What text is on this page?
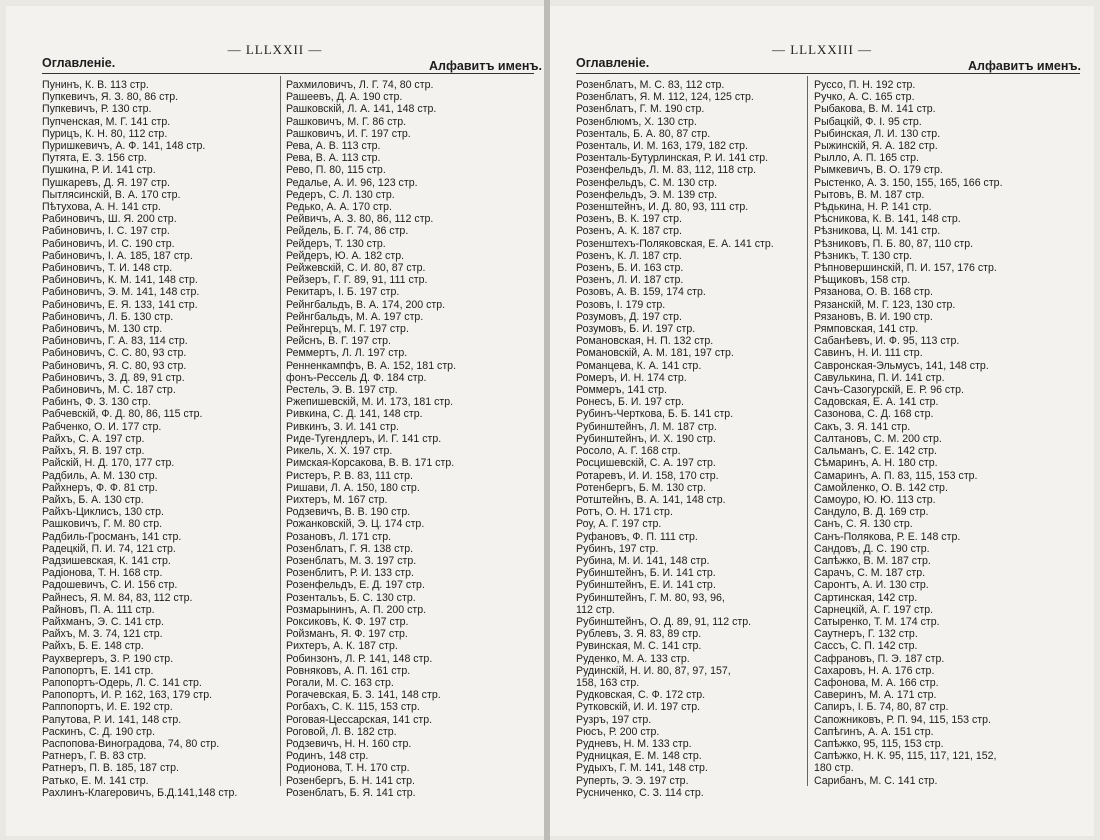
— LLLXXII —
Оглавленіе.	Алфавитъ именъ.
Пунинъ, К. В. 113 стр.
Пупкевичъ, Я. З. 80, 86 стр.
Пупкевичъ, Р. 130 стр.
Пупченская, М. Г. 141 стр.
Пурицъ, К. Н. 80, 112 стр.
Пуришкевичъ, А. Ф. 141, 148 стр.
Путята, Е. З. 156 стр.
Пушкина, Р. И. 141 стр.
Пушкаревъ, Д. Я. 197 стр.
Пытлясинскій, В. А. 170 стр.
Пѣтухова, А. Н. 141 стр.
Рабиновичъ, Ш. Я. 200 стр.
Рабиновичъ, I. С. 197 стр.
Рабиновичъ, И. С. 190 стр.
Рабиновичъ, I. А. 185, 187 стр.
Рабиновичъ, Т. И. 148 стр.
Рабиновичъ, К. М. 141, 148 стр.
Рабиновичъ, Э. М. 141, 148 стр.
Рабиновичъ, Е. Я. 133, 141 стр.
Рабиновичъ, Л. Б. 130 стр.
Рабиновичъ, М. 130 стр.
Рабиновичъ, Г. А. 83, 114 стр.
Рабиновичъ, С. С. 80, 93 стр.
Рабиновичъ, Я. С. 80, 93 стр.
Рабиновичъ, З. Д. 89, 91 стр.
Рабиновичъ, М. С. 187 стр.
Рабинъ, Ф. З. 130 стр.
Рабчевскій, Ф. Д. 80, 86, 115 стр.
Рабченко, О. И. 177 стр.
Райхъ, С. А. 197 стр.
Райхъ, Я. В. 197 стр.
Райскій, Н. Д. 170, 177 стр.
Радбиль, А. М. 130 стр.
Райхнеръ, Ф. Ф. 81 стр.
Райхъ, Б. А. 130 стр.
Райхъ-Циклисъ, 130 стр.
Рашковичъ, Г. М. 80 стр.
Радбиль-Гросманъ, 141 стр.
Радецкій, П. И. 74, 121 стр.
Радзишевская, К. 141 стр.
Радіонова, Т. Н. 168 стр.
Радошевичъ, С. И. 156 стр.
Райнесъ, Я. М. 84, 83, 112 стр.
Райновъ, П. А. 111 стр.
Райхманъ, Э. С. 141 стр.
Райхъ, М. З. 74, 121 стр.
Райхъ, Б. Е. 148 стр.
Раухвергеръ, З. Р. 190 стр.
Рапопортъ, Е. 141 стр.
Рапопортъ-Одерь, Л. С. 141 стр.
Рапопортъ, И. Р. 162, 163, 179 стр.
Раппопортъ, И. Е. 192 стр.
Рапутова, Р. И. 141, 148 стр.
Раскинъ, С. Д. 190 стр.
Распопова-Виноградова, 74, 80 стр.
Ратнеръ, Г. В. 83 стр.
Ратнеръ, П. В. 185, 187 стр.
Ратько, Е. М. 141 стр.
Рахлинъ-Клагеровичъ, Б.Д.141,148 стр.
Рахмиловичъ, Л. Г. 74, 80 стр.
Рашеевъ, Д. А. 190 стр.
Рашковскій, Л. А. 141, 148 стр.
Рашковичъ, М. Г. 86 стр.
Рашковичъ, И. Г. 197 стр.
Рева, А. В. 113 стр.
Рева, В. А. 113 стр.
Рево, П. 80, 115 стр.
Редалье, А. И. 96, 123 стр.
Редеръ, С. Л. 130 стр.
Редько, А. А. 170 стр.
Рейвичъ, А. З. 80, 86, 112 стр.
Рейдель, Б. Г. 74, 86 стр.
Рейдеръ, Т. 130 стр.
Рейдеръ, Ю. А. 182 стр.
Рейжевскій, С. И. 80, 87 стр.
Рейзеръ, Г. Г. 89, 91, 111 стр.
Рекитаръ, I. Б. 197 стр.
Рейнгбальдъ, В. А. 174, 200 стр.
Рейнгбальдъ, М. А. 197 стр.
Рейнгерцъ, М. Г. 197 стр.
Рейснъ, В. Г. 197 стр.
Реммертъ, Л. Л. 197 стр.
Ренненкампфъ, В. А. 152, 181 стр.
фонъ-Рессель Д. Ф. 184 стр.
Рестель, Э. В. 197 стр.
Ржепишевскій, М. И. 173, 181 стр.
Ривкина, С. Д. 141, 148 стр.
Ривкинъ, З. И. 141 стр.
Риде-Тугендлеръ, И. Г. 141 стр.
Рикель, Х. Х. 197 стр.
Римская-Корсакова, В. В. 171 стр.
Ристеръ, Р. В. 83, 111 стр.
Ришави, Л. А. 150, 180 стр.
Рихтеръ, М. 167 стр.
Родзевичъ, В. В. 190 стр.
Рожанковскій, Э. Ц. 174 стр.
Розановъ, Л. 171 стр.
Розенблатъ, Г. Я. 138 стр.
Розенблатъ, М. З. 197 стр.
Розенблитъ, Р. И. 133 стр.
Розенфельдъ, Е. Д. 197 стр.
Розентальъ, Б. С. 130 стр.
Розмарынинъ, А. П. 200 стр.
Роксиковъ, К. Ф. 197 стр.
Ройзманъ, Я. Ф. 197 стр.
Рихтеръ, А. К. 187 стр.
Робинзонъ, Л. Р. 141, 148 стр.
Ровняковъ, А. П. 161 стр.
Рогали, М. С. 163 стр.
Рогачевская, Б. З. 141, 148 стр.
Рогбахъ, С. К. 115, 153 стр.
Роговая-Цессарская, 141 стр.
Роговой, Л. В. 182 стр.
Родзевичъ, Н. Н. 160 стр.
Родинъ, 148 стр.
Родионова, Т. Н. 170 стр.
Розенбергъ, Б. Н. 141 стр.
Розенблатъ, Б. Я. 141 стр.
— LLLXXIII —
Оглавленіе.	Алфавитъ именъ.
Розенблатъ, М. С. 83, 112 стр.
Розенблатъ, Я. М. 112, 124, 125 стр.
Розенблатъ, Г. М. 190 стр.
Розенблюмъ, Х. 130 стр.
Розенталь, Б. А. 80, 87 стр.
Розенталь, И. М. 163, 179, 182 стр.
Розенталь-Бутурлинская, Р. И. 141 стр.
Розенфельдъ, Л. М. 83, 112, 118 стр.
Розенфельдъ, С. М. 130 стр.
Розенфельдъ, Э. М. 139 стр.
Розенштейнъ, И. Д. 80, 93, 111 стр.
Розенъ, В. К. 197 стр.
Розенъ, А. К. 187 стр.
Розенштехъ-Поляковская, Е. А. 141 стр.
Розенъ, К. Л. 187 стр.
Розенъ, Б. И. 163 стр.
Розенъ, Л. И. 187 стр.
Розовъ, А. В. 159, 174 стр.
Розовъ, I. 179 стр.
Розумовъ, Д. 197 стр.
Розумовъ, Б. И. 197 стр.
Романовская, Н. П. 132 стр.
Романовскій, А. М. 181, 197 стр.
Романцева, К. А. 141 стр.
Ромеръ, И. Н. 174 стр.
Роммеръ, 141 стр.
Ронесъ, Б. И. 197 стр.
Рубинъ-Черткова, Б. Б. 141 стр.
Рубинштейнъ, Л. М. 187 стр.
Рубинштейнъ, И. Х. 190 стр.
Росоло, А. Г. 168 стр.
Росцишевскій, С. А. 197 стр.
Ротаревъ, И. И. 158, 170 стр.
Ротенбергъ, Б. М. 130 стр.
Ротштейнъ, В. А. 141, 148 стр.
Ротъ, О. Н. 171 стр.
Роу, А. Г. 197 стр.
Руфановъ, Ф. П. 111 стр.
Рубинъ, 197 стр.
Рубина, М. И. 141, 148 стр.
Рубинштейнъ, Б. И. 141 стр.
Рубинштейнъ, Е. И. 141 стр.
Рубинштейнъ, Г. М. 80, 93, 96,
112 стр.
Рубинштейнъ, О. Д. 89, 91, 112 стр.
Рублевъ, З. Я. 83, 89 стр.
Рувинская, М. С. 141 стр.
Руденко, М. А. 133 стр.
Рудинскій, Н. И. 80, 87, 97, 157,
158, 163 стр.
Рудковская, С. Ф. 172 стр.
Рутковскій, И. И. 197 стр.
Рузръ, 197 стр.
Рюсъ, Р. 200 стр.
Рудневъ, Н. М. 133 стр.
Рудницкая, Е. М. 148 стр.
Рудыхъ, Г. М. 141, 148 стр.
Руперть, Э. Э. 197 стр.
Русниченко, С. З. 114 стр.
Руссо, П. Н. 192 стр.
Ручко, А. С. 165 стр.
Рыбакова, В. М. 141 стр.
Рыбацкій, Ф. I. 95 стр.
Рыбинская, Л. И. 130 стр.
Рыжинскій, Я. А. 182 стр.
Рылло, А. П. 165 стр.
Рымкевичъ, В. О. 179 стр.
Рыстенко, А. З. 150, 155, 165, 166 стр.
Рытовъ, В. М. 187 стр.
Рѣдькина, Н. Р. 141 стр.
Рѣсникова, К. В. 141, 148 стр.
Рѣзникова, Ц. М. 141 стр.
Рѣзниковъ, П. Б. 80, 87, 110 стр.
Рѣзникъ, Т. 130 стр.
Рѣпновершинскій, П. И. 157, 176 стр.
Рѣщиковъ, 158 стр.
Рязанова, О. В. 168 стр.
Рязанскій, М. Г. 123, 130 стр.
Рязановъ, В. И. 190 стр.
Рямповская, 141 стр.
Сабанѣевъ, И. Ф. 95, 113 стр.
Савинъ, Н. И. 111 стр.
Савронская-Эльмусъ, 141, 148 стр.
Савулькина, П. И. 141 стр.
Сачъ-Сазогурскій, Е. Р. 96 стр.
Садовская, Е. А. 141 стр.
Сазонова, С. Д. 168 стр.
Сакъ, З. Я. 141 стр.
Салтановъ, С. М. 200 стр.
Сальманъ, С. Е. 142 стр.
Сѣмаринъ, А. Н. 180 стр.
Самаринъ, А. П. 83, 115, 153 стр.
Самойленко, О. В. 142 стр.
Самоуро, Ю. Ю. 113 стр.
Сандуло, В. Д. 169 стр.
Санъ, С. Я. 130 стр.
Санъ-Полякова, Р. Е. 148 стр.
Сандовъ, Д. С. 190 стр.
Сапѣжко, В. М. 187 стр.
Сарачъ, С. М. 187 стр.
Саронтъ, А. И. 130 стр.
Сартинская, 142 стр.
Сарнецкій, А. Г. 197 стр.
Сатыренко, Т. М. 174 стр.
Саутнеръ, Г. 132 стр.
Сассъ, С. П. 142 стр.
Сафрановъ, П. Э. 187 стр.
Сахаровъ, Н. А. 176 стр.
Сафонова, М. А. 166 стр.
Саверинъ, М. А. 171 стр.
Сапиръ, I. Б. 74, 80, 87 стр.
Сапожниковъ, Р. П. 94, 115, 153 стр.
Сапѣгинъ, А. А. 151 стр.
Сапѣжко, 95, 115, 153 стр.
Сапѣжко, Н. К. 95, 115, 117, 121, 152,
180 стр.
Сарибанъ, М. С. 141 стр.
